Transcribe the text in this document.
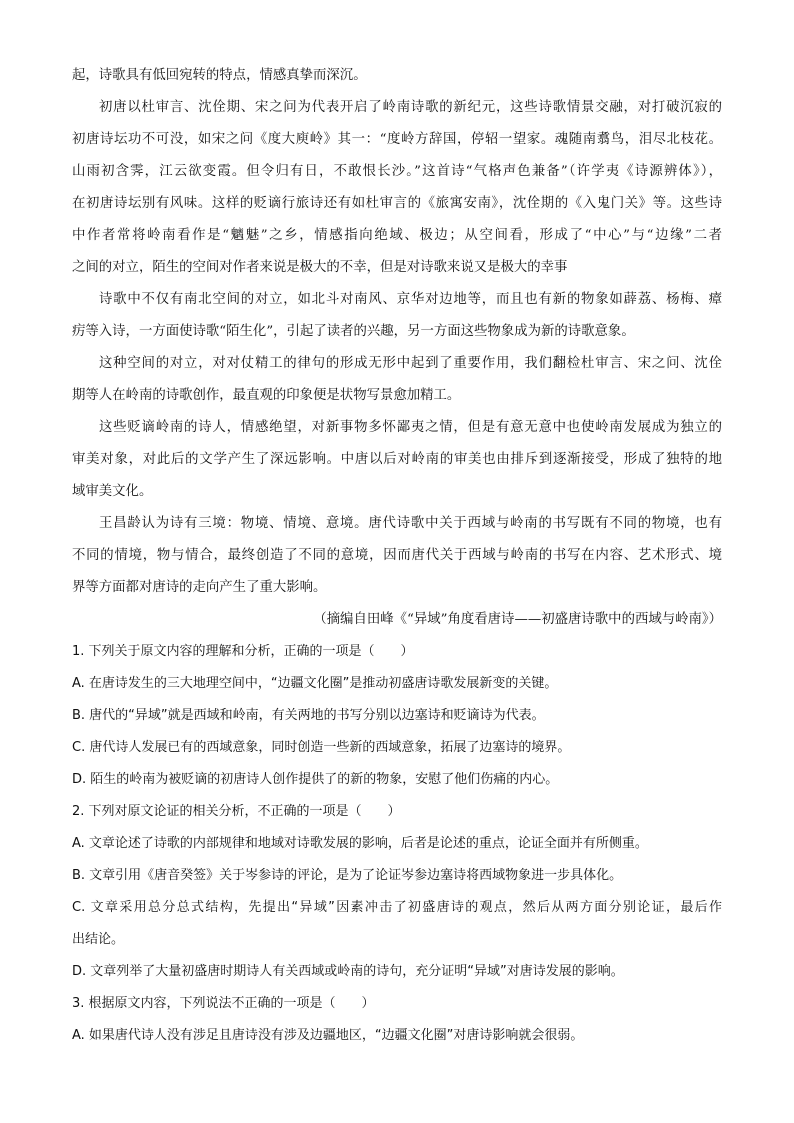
起，诗歌具有低回宛转的特点，情感真挚而深沉。
初唐以杜审言、沈佺期、宋之问为代表开启了岭南诗歌的新纪元，这些诗歌情景交融，对打破沉寂的
初唐诗坛功不可没，如宋之问《度大庾岭》其一：“度岭方辞国，停轺一望家。魂随南翥鸟，泪尽北枝花。
山雨初含霁，江云欲变霞。但令归有日，不敢恨长沙。”这首诗“气格声色兼备”（许学夷《诗源辨体》），
在初唐诗坛别有风味。这样的贬谪行旅诗还有如杜审言的《旅寓安南》，沈佺期的《入鬼门关》等。这些诗
中作者常将岭南看作是“魑魅”之乡，情感指向绝域、极边；从空间看，形成了“中心”与“边缘”二者
之间的对立，陌生的空间对作者来说是极大的不幸，但是对诗歌来说又是极大的幸事
诗歌中不仅有南北空间的对立，如北斗对南风、京华对边地等，而且也有新的物象如薜荔、杨梅、瘴
疠等入诗，一方面使诗歌“陌生化”，引起了读者的兴趣，另一方面这些物象成为新的诗歌意象。
这种空间的对立，对对仗精工的律句的形成无形中起到了重要作用，我们翻检杜审言、宋之问、沈佺
期等人在岭南的诗歌创作，最直观的印象便是状物写景愈加精工。
这些贬谪岭南的诗人，情感绝望，对新事物多怀鄙夷之情，但是有意无意中也使岭南发展成为独立的
审美对象，对此后的文学产生了深远影响。中唐以后对岭南的审美也由排斥到逐渐接受，形成了独特的地
域审美文化。
王昌龄认为诗有三境：物境、情境、意境。唐代诗歌中关于西域与岭南的书写既有不同的物境，也有
不同的情境，物与情合，最终创造了不同的意境，因而唐代关于西域与岭南的书写在内容、艺术形式、境
界等方面都对唐诗的走向产生了重大影响。
（摘编自田峰《“异域”角度看唐诗——初盛唐诗歌中的西域与岭南》）
1. 下列关于原文内容的理解和分析，正确的一项是（　　）
A. 在唐诗发生的三大地理空间中，“边疆文化圈”是推动初盛唐诗歌发展新变的关键。
B. 唐代的“异域”就是西域和岭南，有关两地的书写分别以边塞诗和贬谪诗为代表。
C. 唐代诗人发展已有的西域意象，同时创造一些新的西域意象，拓展了边塞诗的境界。
D. 陌生的岭南为被贬谪的初唐诗人创作提供了的新的物象，安慰了他们伤痛的内心。
2. 下列对原文论证的相关分析，不正确的一项是（　　）
A. 文章论述了诗歌的内部规律和地域对诗歌发展的影响，后者是论述的重点，论证全面并有所侧重。
B. 文章引用《唐音癸签》关于岑参诗的评论，是为了论证岑参边塞诗将西域物象进一步具体化。
C. 文章采用总分总式结构，先提出“异域”因素冲击了初盛唐诗的观点，然后从两方面分别论证，最后作
出结论。
D. 文章列举了大量初盛唐时期诗人有关西域或岭南的诗句，充分证明“异域”对唐诗发展的影响。
3. 根据原文内容，下列说法不正确的一项是（　　）
A. 如果唐代诗人没有涉足且唐诗没有涉及边疆地区，“边疆文化圈”对唐诗影响就会很弱。
